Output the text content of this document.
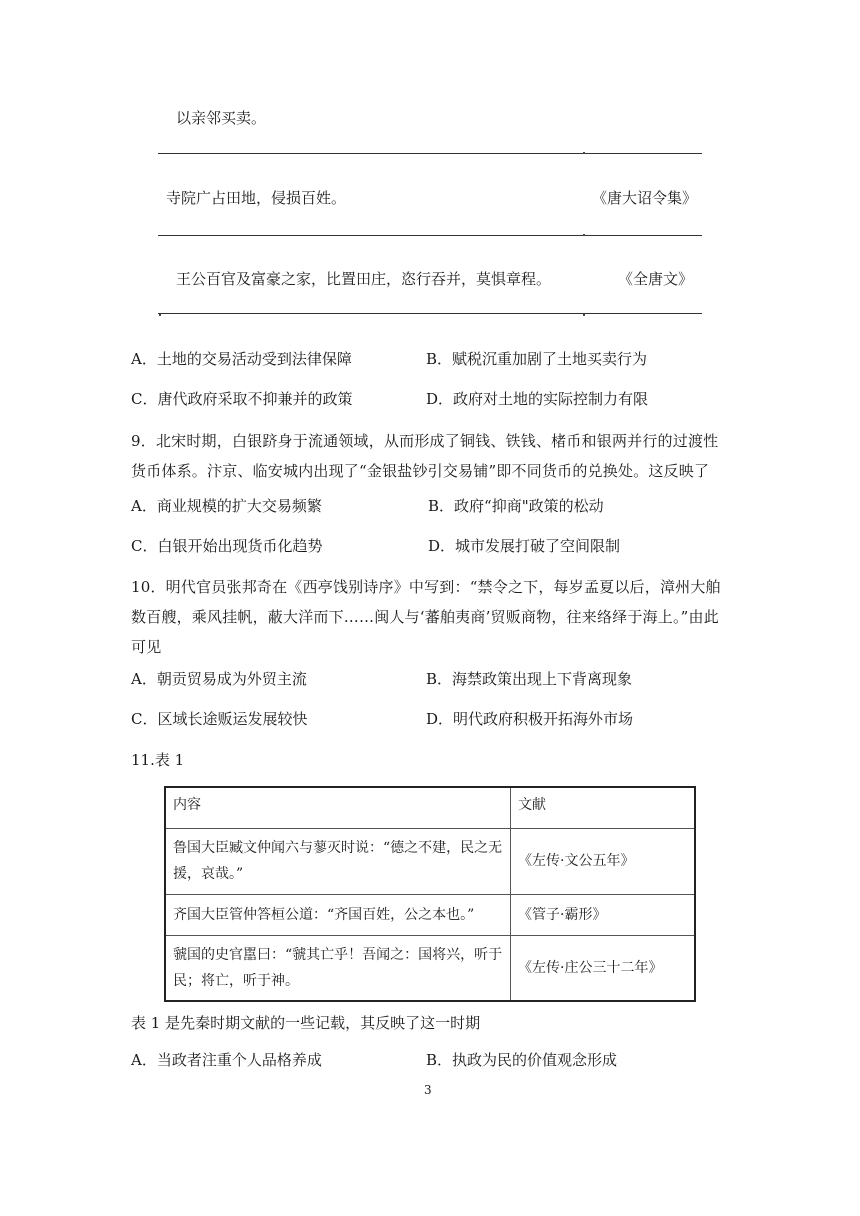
以亲邻买卖。
寺院广占田地，侵损百姓。	《唐大诏令集》
王公百官及富豪之家，比置田庄，恣行吞并，莫惧章程。	《全唐文》
A．土地的交易活动受到法律保障	B．赋税沉重加剧了土地买卖行为
C．唐代政府采取不抑兼并的政策	D．政府对土地的实际控制力有限
9．北宋时期，白银跻身于流通领域，从而形成了铜钱、铁钱、楮币和银两并行的过渡性货币体系。汴京、临安城内出现了“金银盐钞引交易铺”即不同货币的兑换处。这反映了
A．商业规模的扩大交易频繁	B．政府“抑商"政策的松动
C．白银开始出现货币化趋势	D．城市发展打破了空间限制
10．明代官员张邦奇在《西亭饯别诗序》中写到：“禁令之下，每岁孟夏以后，漳州大舶数百艘，乘风挂帆，蔽大洋而下……闽人与‘蕃舶夷商’贸贩商物，往来络绎于海上。”由此可见
A．朝贡贸易成为外贸主流	B．海禁政策出现上下背离现象
C．区域长途贩运发展较快	D．明代政府积极开拓海外市场
11.表 1
内容	文献
鲁国大臣臧文仲闻六与蓼灭时说：“德之不建，民之无援，哀哉。”	《左传·文公五年》
齐国大臣管仲答桓公道：“齐国百姓，公之本也。”	《管子·霸形》
虢国的史官嚚曰：“虢其亡乎！吾闻之：国将兴，听于民；将亡，听于神。	《左传·庄公三十二年》
表 1 是先秦时期文献的一些记载，其反映了这一时期
A．当政者注重个人品格养成	B．执政为民的价值观念形成
3
